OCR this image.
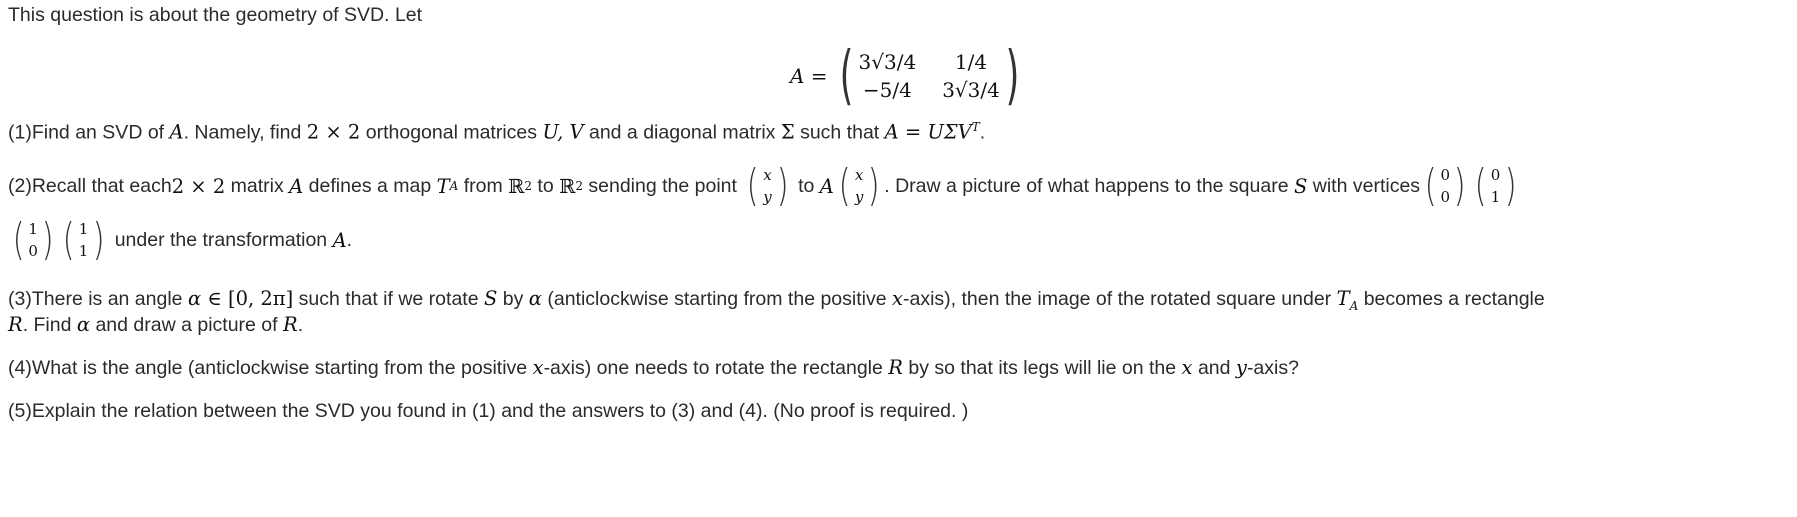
This question is about the geometry of SVD. Let
A = ( 3√3/4	1/4
−5/4 3√3/4 )
(1)Find an SVD of A. Namely, find 2 × 2 orthogonal matrices U, V and a diagonal matrix Σ such that $A = U\Sigma V^T$.
(2) Recall that each 2 × 2 matrix A defines a map T A from ℝ 2 to ℝ 2 sending the point ( x
y) to A ( x
y) . Draw a picture of what happens to the square S with vertices ( 0
0) ( 0
1)
( 1
0) ( 1
1) under the transformation A .
(3)There is an angle α ∈ [0, 2π] such that if we rotate S by α (anticlockwise starting from the positive x-axis), then the image of the rotated square under $T_A$ becomes a rectangle
R. Find α and draw a picture of R.
(4)What is the angle (anticlockwise starting from the positive x-axis) one needs to rotate the rectangle R by so that its legs will lie on the x and y-axis?
(5)Explain the relation between the SVD you found in (1) and the answers to (3) and (4). (No proof is required. )
